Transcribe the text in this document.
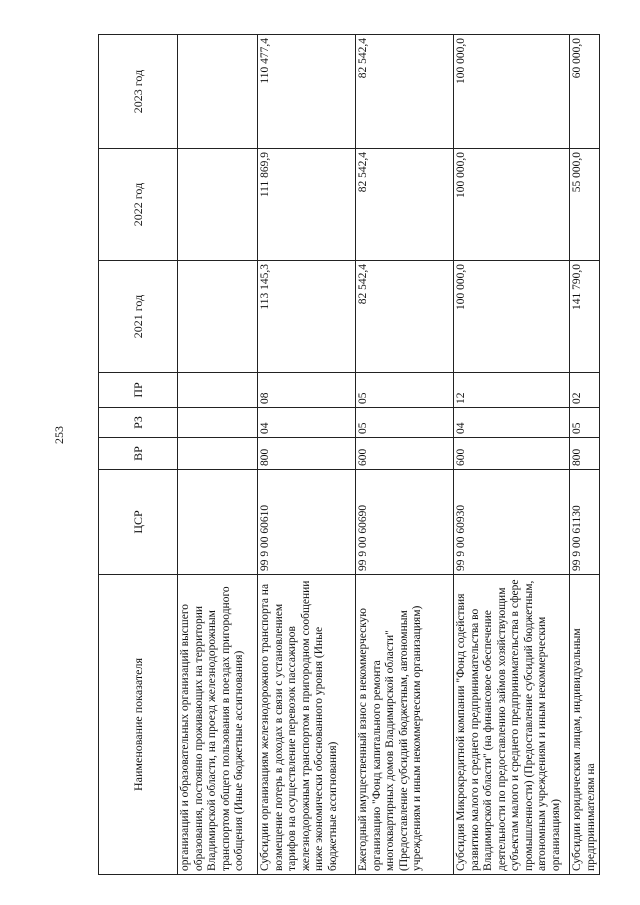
253
Наименование показателя	ЦСР	ВР	РЗ	ПР	2021 год	2022 год	2023 год
организаций и образовательных организаций высшего образования, постоянно проживающих на территории Владимирской области, на проезд железнодорожным транспортом общего пользования в поездах пригородного сообщения (Иные бюджетные ассигнования)							
Субсидии организациям железнодорожного транспорта на возмещение потерь в доходах в связи с установлением тарифов на осуществление перевозок пассажиров железнодорожным транспортом в пригородном сообщении ниже экономически обоснованного уровня (Иные бюджетные ассигнования)	99 9 00 60610	800	04	08	113 145,3	111 869,9	110 477,4
Ежегодный имущественный взнос в некоммерческую организацию "Фонд капитального ремонта многоквартирных домов Владимирской области" (Предоставление субсидий бюджетным, автономным учреждениям и иным некоммерческим организациям)	99 9 00 60690	600	05	05	82 542,4	82 542,4	82 542,4
Субсидия Микрокредитной компании "Фонд содействия развитию малого и среднего предпринимательства во Владимирской области" (на финансовое обеспечение деятельности по предоставлению займов хозяйствующим субъектам малого и среднего предпринимательства в сфере промышленности) (Предоставление субсидий бюджетным, автономным учреждениям и иным некоммерческим организациям)	99 9 00 60930	600	04	12	100 000,0	100 000,0	100 000,0
Субсидии юридическим лицам, индивидуальным предпринимателям на	99 9 00 61130	800	05	02	141 790,0	55 000,0	60 000,0
